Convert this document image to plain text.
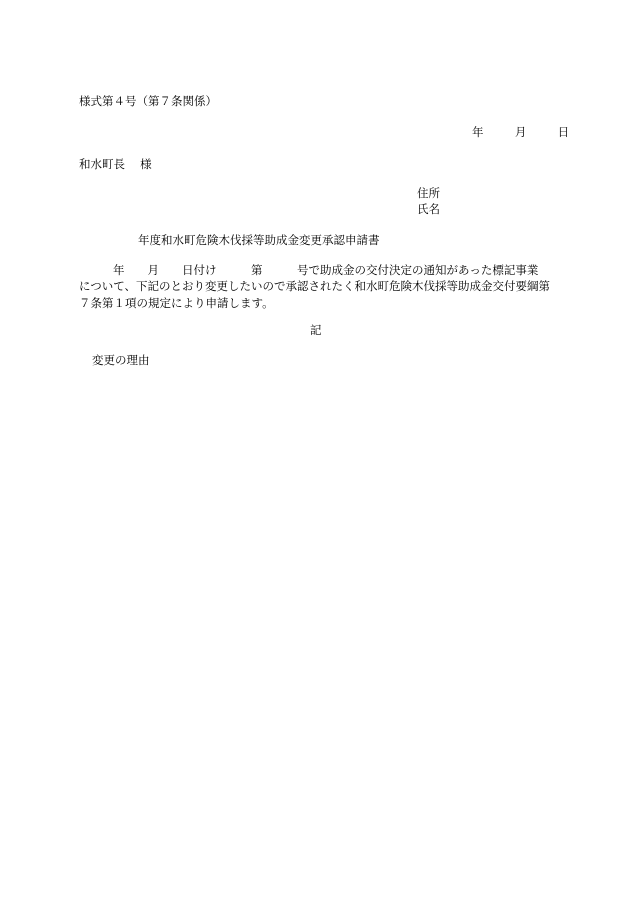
様式第４号（第７条関係）
年	月	日
和水町長　 様
住所
氏名
年度和水町危険木伐採等助成金変更承認申請書
年　　月　　日付け　　　第　　　号で助成金の交付決定の通知があった標記事業
について、下記のとおり変更したいので承認されたく和水町危険木伐採等助成金交付要綱第
７条第１項の規定により申請します。
記
変更の理由
